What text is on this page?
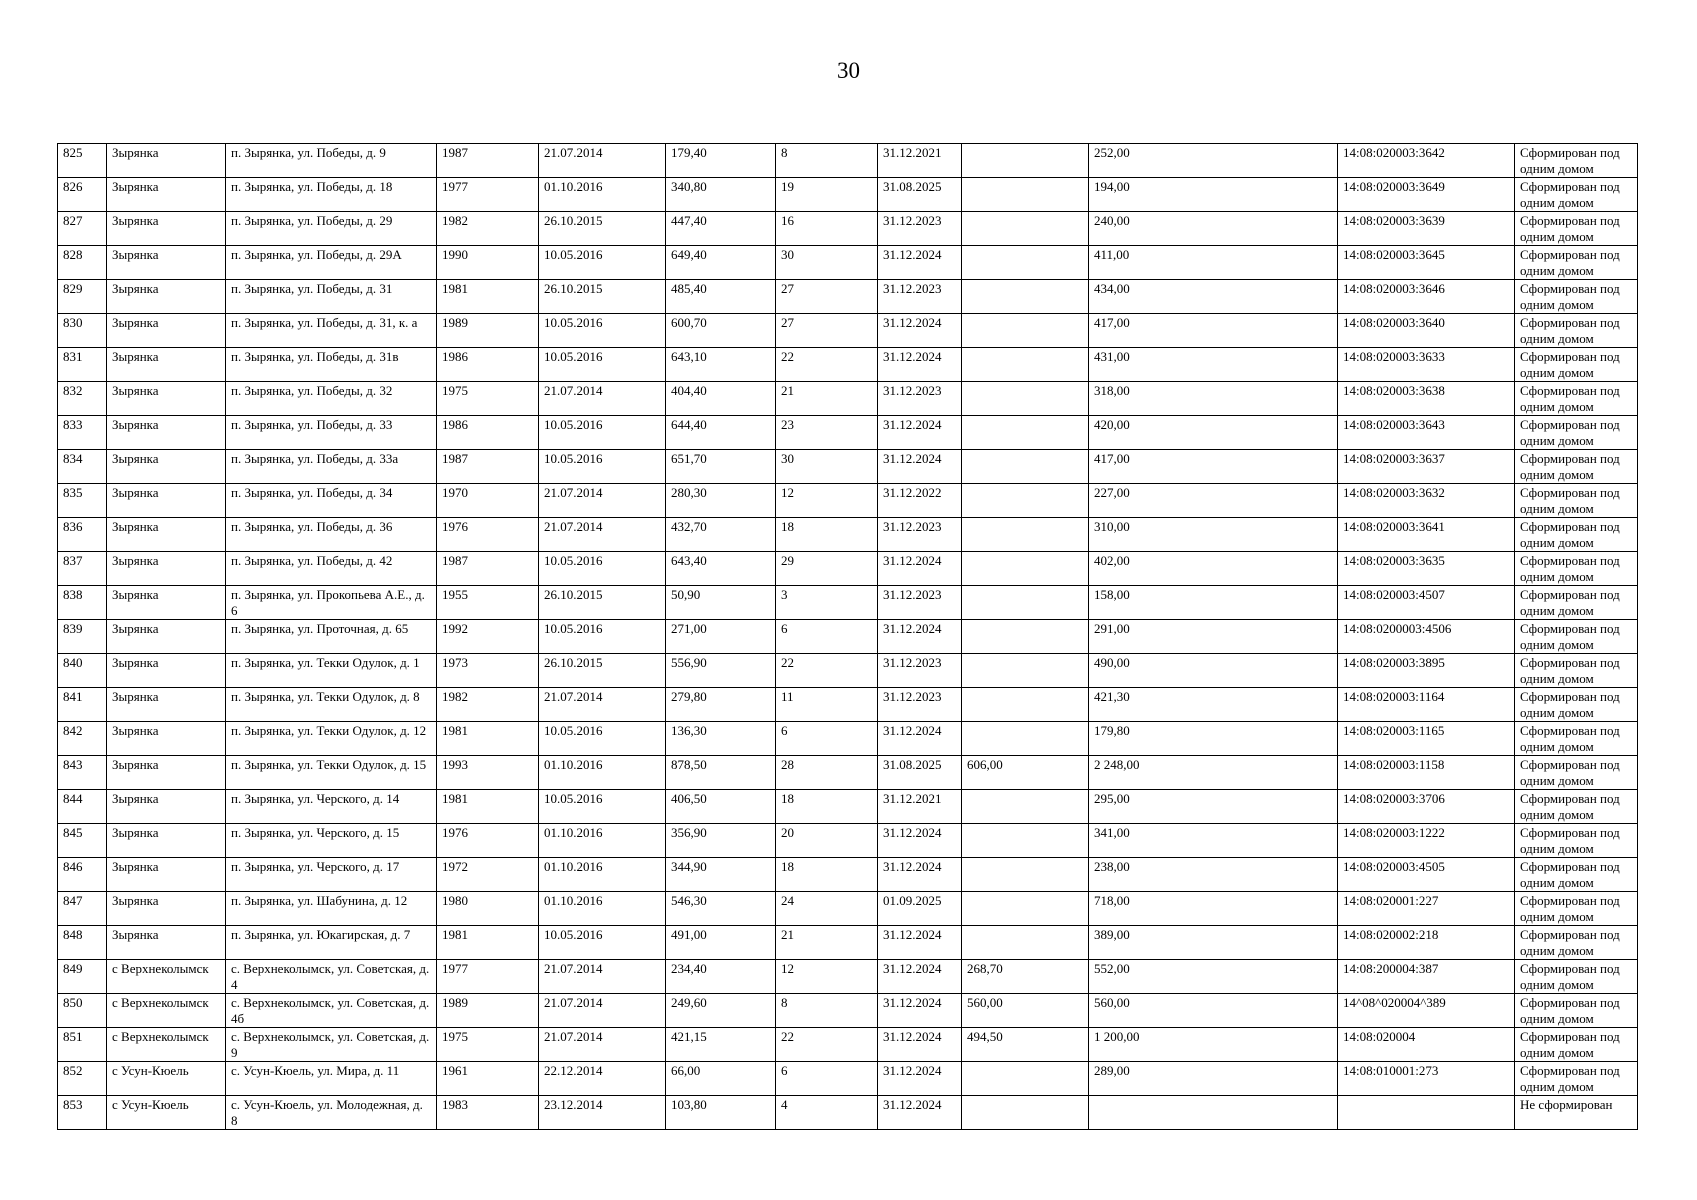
30
825	Зырянка	п. Зырянка, ул. Победы, д. 9	1987	21.07.2014	179,40	8	31.12.2021		252,00	14:08:020003:3642	Сформирован под одним домом
826	Зырянка	п. Зырянка, ул. Победы, д. 18	1977	01.10.2016	340,80	19	31.08.2025		194,00	14:08:020003:3649	Сформирован под одним домом
827	Зырянка	п. Зырянка, ул. Победы, д. 29	1982	26.10.2015	447,40	16	31.12.2023		240,00	14:08:020003:3639	Сформирован под одним домом
828	Зырянка	п. Зырянка, ул. Победы, д. 29А	1990	10.05.2016	649,40	30	31.12.2024		411,00	14:08:020003:3645	Сформирован под одним домом
829	Зырянка	п. Зырянка, ул. Победы, д. 31	1981	26.10.2015	485,40	27	31.12.2023		434,00	14:08:020003:3646	Сформирован под одним домом
830	Зырянка	п. Зырянка, ул. Победы, д. 31, к. а	1989	10.05.2016	600,70	27	31.12.2024		417,00	14:08:020003:3640	Сформирован под одним домом
831	Зырянка	п. Зырянка, ул. Победы, д. 31в	1986	10.05.2016	643,10	22	31.12.2024		431,00	14:08:020003:3633	Сформирован под одним домом
832	Зырянка	п. Зырянка, ул. Победы, д. 32	1975	21.07.2014	404,40	21	31.12.2023		318,00	14:08:020003:3638	Сформирован под одним домом
833	Зырянка	п. Зырянка, ул. Победы, д. 33	1986	10.05.2016	644,40	23	31.12.2024		420,00	14:08:020003:3643	Сформирован под одним домом
834	Зырянка	п. Зырянка, ул. Победы, д. 33а	1987	10.05.2016	651,70	30	31.12.2024		417,00	14:08:020003:3637	Сформирован под одним домом
835	Зырянка	п. Зырянка, ул. Победы, д. 34	1970	21.07.2014	280,30	12	31.12.2022		227,00	14:08:020003:3632	Сформирован под одним домом
836	Зырянка	п. Зырянка, ул. Победы, д. 36	1976	21.07.2014	432,70	18	31.12.2023		310,00	14:08:020003:3641	Сформирован под одним домом
837	Зырянка	п. Зырянка, ул. Победы, д. 42	1987	10.05.2016	643,40	29	31.12.2024		402,00	14:08:020003:3635	Сформирован под одним домом
838	Зырянка	п. Зырянка, ул. Прокопьева А.Е., д. 6	1955	26.10.2015	50,90	3	31.12.2023		158,00	14:08:020003:4507	Сформирован под одним домом
839	Зырянка	п. Зырянка, ул. Проточная, д. 65	1992	10.05.2016	271,00	6	31.12.2024		291,00	14:08:0200003:4506	Сформирован под одним домом
840	Зырянка	п. Зырянка, ул. Текки Одулок, д. 1	1973	26.10.2015	556,90	22	31.12.2023		490,00	14:08:020003:3895	Сформирован под одним домом
841	Зырянка	п. Зырянка, ул. Текки Одулок, д. 8	1982	21.07.2014	279,80	11	31.12.2023		421,30	14:08:020003:1164	Сформирован под одним домом
842	Зырянка	п. Зырянка, ул. Текки Одулок, д. 12	1981	10.05.2016	136,30	6	31.12.2024		179,80	14:08:020003:1165	Сформирован под одним домом
843	Зырянка	п. Зырянка, ул. Текки Одулок, д. 15	1993	01.10.2016	878,50	28	31.08.2025	606,00	2 248,00	14:08:020003:1158	Сформирован под одним домом
844	Зырянка	п. Зырянка, ул. Черского, д. 14	1981	10.05.2016	406,50	18	31.12.2021		295,00	14:08:020003:3706	Сформирован под одним домом
845	Зырянка	п. Зырянка, ул. Черского, д. 15	1976	01.10.2016	356,90	20	31.12.2024		341,00	14:08:020003:1222	Сформирован под одним домом
846	Зырянка	п. Зырянка, ул. Черского, д. 17	1972	01.10.2016	344,90	18	31.12.2024		238,00	14:08:020003:4505	Сформирован под одним домом
847	Зырянка	п. Зырянка, ул. Шабунина, д. 12	1980	01.10.2016	546,30	24	01.09.2025		718,00	14:08:020001:227	Сформирован под одним домом
848	Зырянка	п. Зырянка, ул. Юкагирская, д. 7	1981	10.05.2016	491,00	21	31.12.2024		389,00	14:08:020002:218	Сформирован под одним домом
849	с Верхнеколымск	с. Верхнеколымск, ул. Советская, д. 4	1977	21.07.2014	234,40	12	31.12.2024	268,70	552,00	14:08:200004:387	Сформирован под одним домом
850	с Верхнеколымск	с. Верхнеколымск, ул. Советская, д. 4б	1989	21.07.2014	249,60	8	31.12.2024	560,00	560,00	14^08^020004^389	Сформирован под одним домом
851	с Верхнеколымск	с. Верхнеколымск, ул. Советская, д. 9	1975	21.07.2014	421,15	22	31.12.2024	494,50	1 200,00	14:08:020004	Сформирован под одним домом
852	с Усун-Кюель	с. Усун-Кюель, ул. Мира, д. 11	1961	22.12.2014	66,00	6	31.12.2024		289,00	14:08:010001:273	Сформирован под одним домом
853	с Усун-Кюель	с. Усун-Кюель, ул. Молодежная, д. 8	1983	23.12.2014	103,80	4	31.12.2024				Не сформирован
